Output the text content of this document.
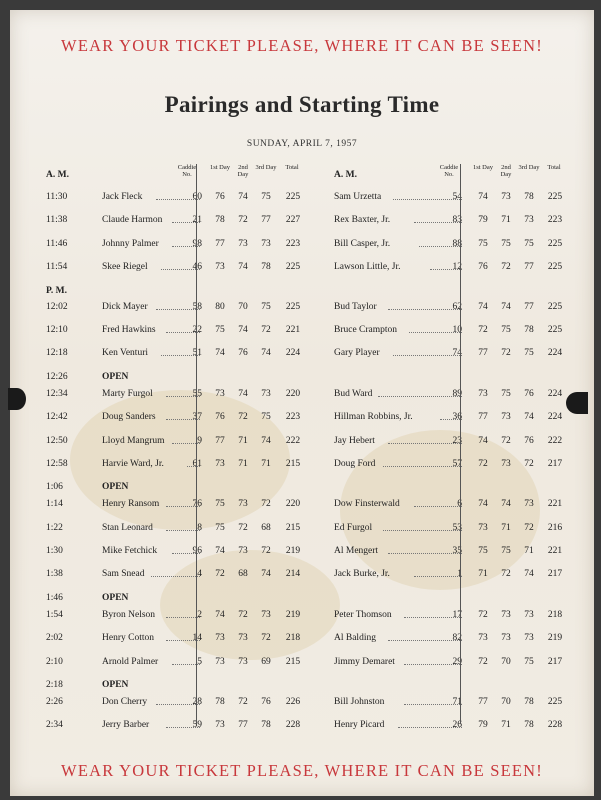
WEAR YOUR TICKET PLEASE, WHERE IT CAN BE SEEN!
Pairings and Starting Time
SUNDAY, APRIL 7, 1957
A. M.
Caddie No.
1st Day	2nd Day
3rd Day	Total
11:30	Jack Fleck	60	76	74	75	225
11:38	Claude Harmon	21	78	72	77	227
11:46	Johnny Palmer	98	77	73	73	223
11:54	Skee Riegel	46	73	74	78	225
P. M.
12:02	Dick Mayer	58	80	70	75	225
12:10	Fred Hawkins	22	75	74	72	221
12:18	Ken Venturi	51	74	76	74	224
12:26	OPEN
12:34	Marty Furgol	55	73	74	73	220
12:42	Doug Sanders	37	76	72	75	223
12:50	Lloyd Mangrum	9	77	71	74	222
12:58	Harvie Ward, Jr.	61	73	71	71	215
1:06	OPEN
1:14	Henry Ransom	76	75	73	72	220
1:22	Stan Leonard	8	75	72	68	215
1:30	Mike Fetchick	96	74	73	72	219
1:38	Sam Snead	4	72	68	74	214
1:46	OPEN
1:54	Byron Nelson	2	74	72	73	219
2:02	Henry Cotton	14	73	73	72	218
2:10	Arnold Palmer	5	73	73	69	215
2:18	OPEN
2:26	Don Cherry	28	78	72	76	226
2:34	Jerry Barber	59	73	77	78	228
A. M.
Caddie No.
1st Day	2nd Day
3rd Day	Total
Sam Urzetta	54	74	73	78	225
Rex Baxter, Jr.	83	79	71	73	223
Bill Casper, Jr.	88	75	75	75	225
Lawson Little, Jr.	12	76	72	77	225
Bud Taylor	62	74	74	77	225
Bruce Crampton	10	72	75	78	225
Gary Player	74	77	72	75	224
Bud Ward	89	73	75	76	224
Hillman Robbins, Jr.	36	77	73	74	224
Jay Hebert	23	74	72	76	222
Doug Ford	57	72	73	72	217
Dow Finsterwald	6	74	74	73	221
Ed Furgol	53	73	71	72	216
Al Mengert	35	75	75	71	221
Jack Burke, Jr.	1	71	72	74	217
Peter Thomson	17	72	73	73	218
Al Balding	82	73	73	73	219
Jimmy Demaret	29	72	70	75	217
Bill Johnston	71	77	70	78	225
Henry Picard	26	79	71	78	228
WEAR YOUR TICKET PLEASE, WHERE IT CAN BE SEEN!
